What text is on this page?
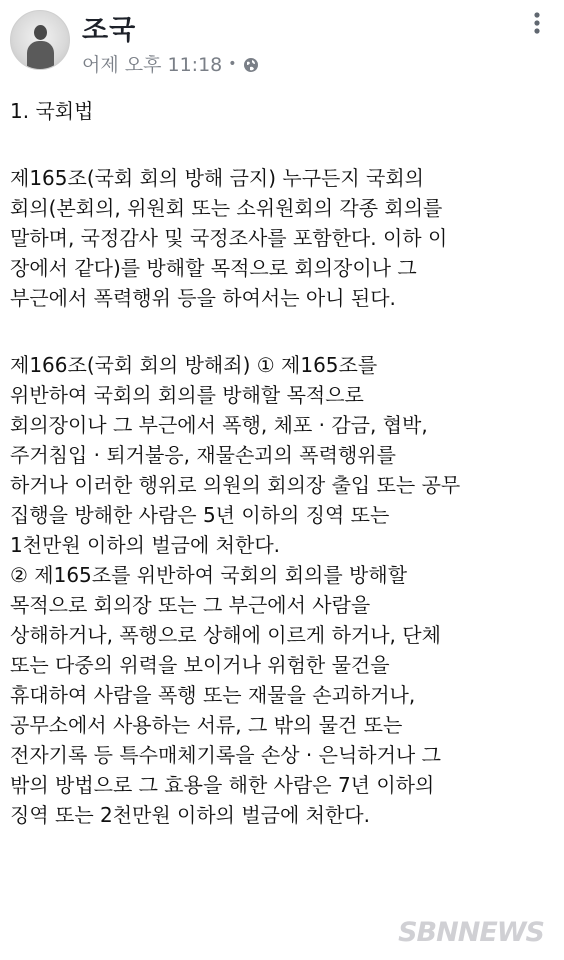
조국
어제 오후 11:18 •

1. 국회법

제165조(국회 회의 방해 금지) 누구든지 국회의
회의(본회의, 위원회 또는 소위원회의 각종 회의를
말하며, 국정감사 및 국정조사를 포함한다. 이하 이
장에서 같다)를 방해할 목적으로 회의장이나 그
부근에서 폭력행위 등을 하여서는 아니 된다.

제166조(국회 회의 방해죄) ① 제165조를
위반하여 국회의 회의를 방해할 목적으로
회의장이나 그 부근에서 폭행, 체포 · 감금, 협박,
주거침입 · 퇴거불응, 재물손괴의 폭력행위를
하거나 이러한 행위로 의원의 회의장 출입 또는 공무
집행을 방해한 사람은 5년 이하의 징역 또는
1천만원 이하의 벌금에 처한다.

② 제165조를 위반하여 국회의 회의를 방해할
목적으로 회의장 또는 그 부근에서 사람을
상해하거나, 폭행으로 상해에 이르게 하거나, 단체
또는 다중의 위력을 보이거나 위험한 물건을
휴대하여 사람을 폭행 또는 재물을 손괴하거나,
공무소에서 사용하는 서류, 그 밖의 물건 또는
전자기록 등 특수매체기록을 손상 · 은닉하거나 그
밖의 방법으로 그 효용을 해한 사람은 7년 이하의
징역 또는 2천만원 이하의 벌금에 처한다.

SBNNEWS
